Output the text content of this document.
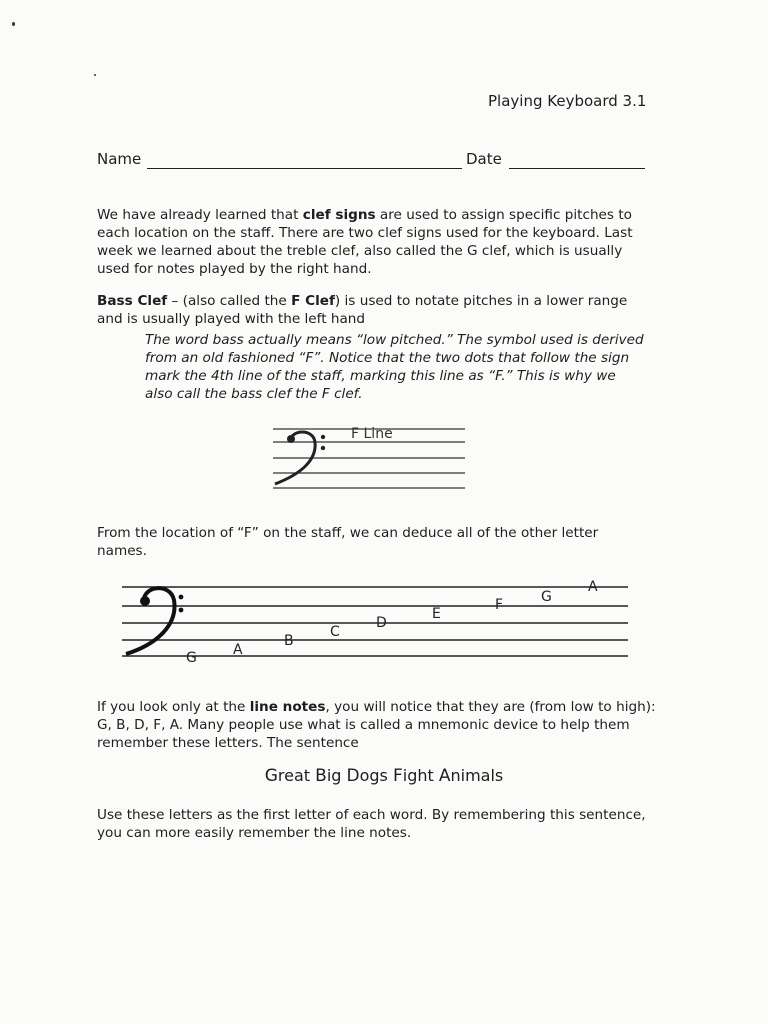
Playing Keyboard 3.1
Name	Date

We have already learned that clef signs are used to assign specific pitches to each location on the staff. There are two clef signs used for the keyboard. Last week we learned about the treble clef, also called the G clef, which is usually used for notes played by the right hand.

Bass Clef – (also called the F Clef) is used to notate pitches in a lower range and is usually played with the left hand

The word bass actually means “low pitched.” The symbol used is derived from an old fashioned “F”. Notice that the two dots that follow the sign mark the 4th line of the staff, marking this line as “F.” This is why we also call the bass clef the F clef.

F Line

From the location of “F” on the staff, we can deduce all of the other letter names.

G	A
B
C
D
E
F	G
A

If you look only at the line notes, you will notice that they are (from low to high): G, B, D, F, A. Many people use what is called a mnemonic device to help them remember these letters. The sentence

Great Big Dogs Fight Animals

Use these letters as the first letter of each word. By remembering this sentence, you can more easily remember the line notes.
